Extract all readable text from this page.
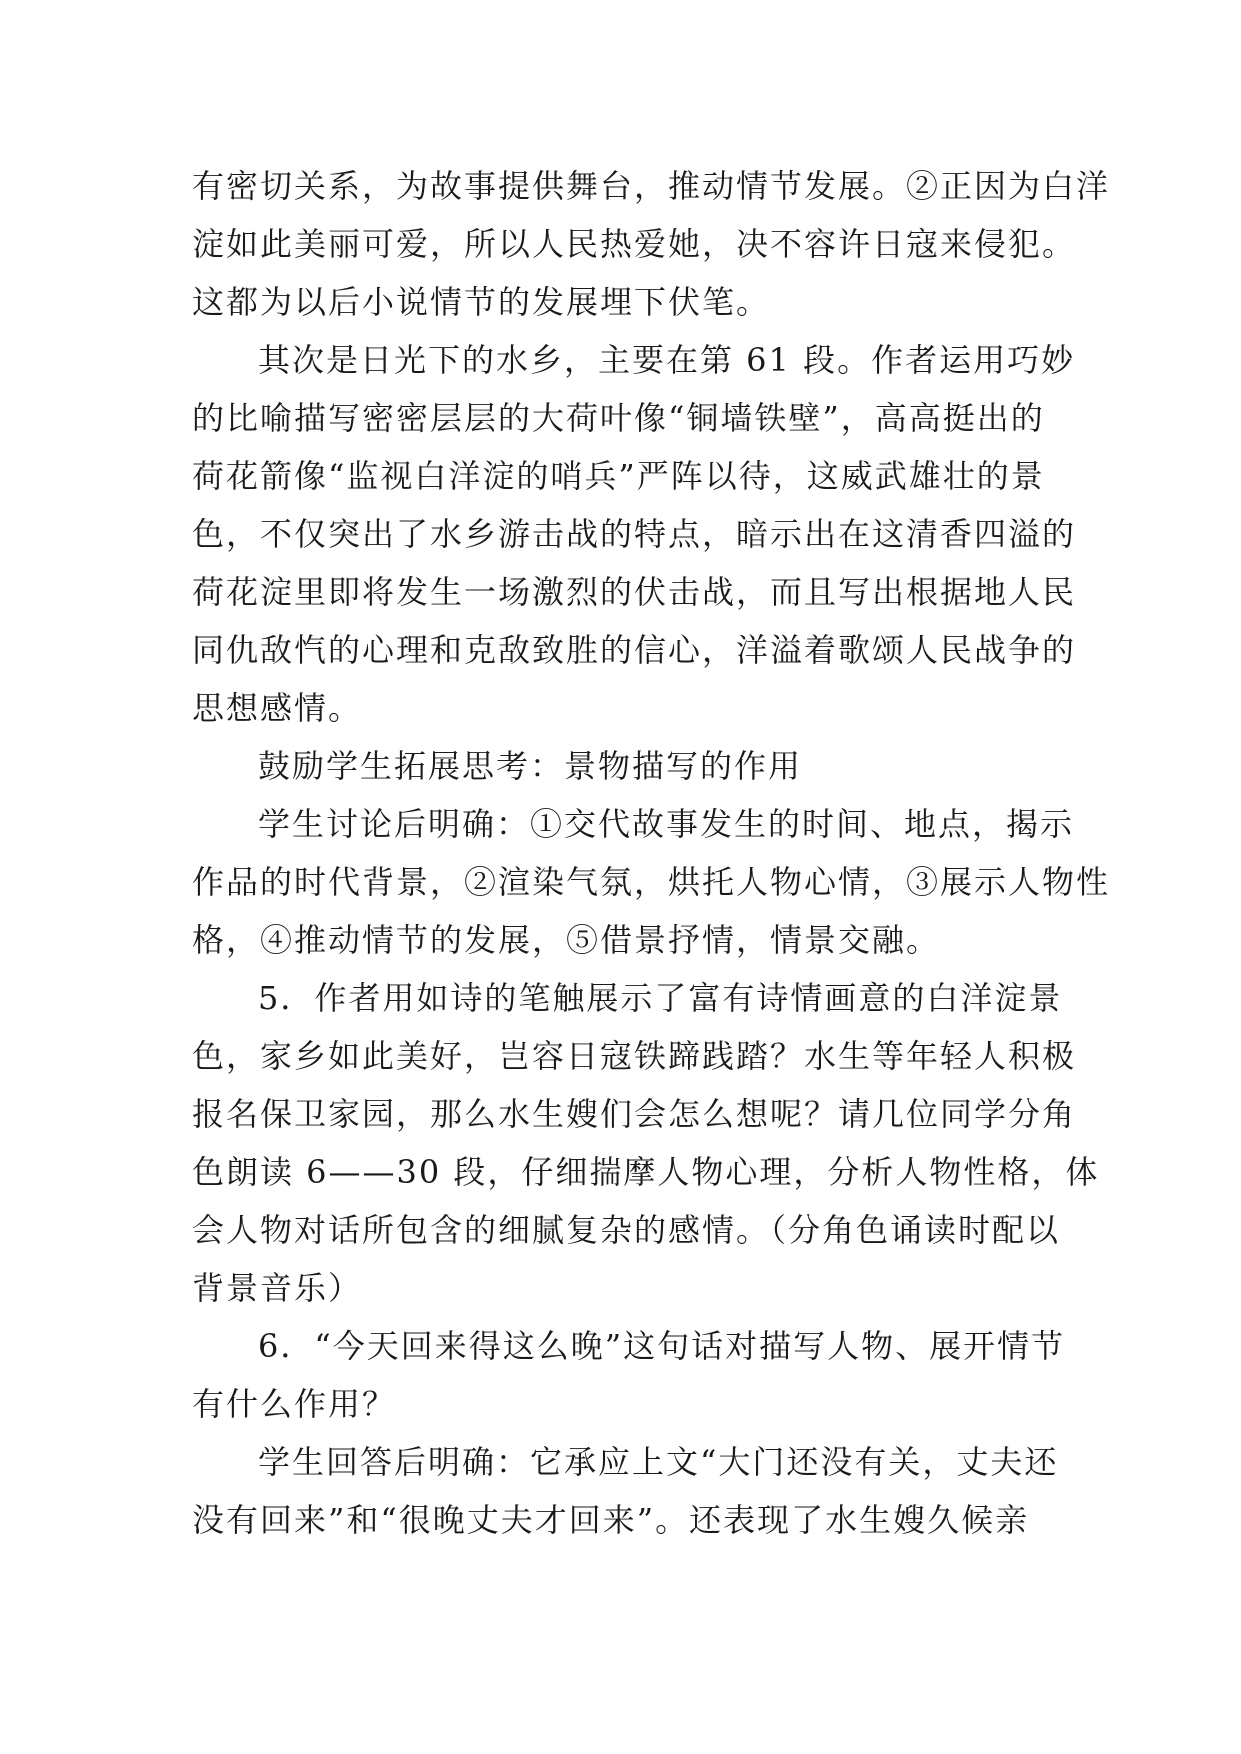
有密切关系，为故事提供舞台，推动情节发展。②正因为白洋
淀如此美丽可爱，所以人民热爱她，决不容许日寇来侵犯。
这都为以后小说情节的发展埋下伏笔。
其次是日光下的水乡，主要在第 61 段。作者运用巧妙
的比喻描写密密层层的大荷叶像“铜墙铁壁”，高高挺出的
荷花箭像“监视白洋淀的哨兵”严阵以待，这威武雄壮的景
色，不仅突出了水乡游击战的特点，暗示出在这清香四溢的
荷花淀里即将发生一场激烈的伏击战，而且写出根据地人民
同仇敌忾的心理和克敌致胜的信心，洋溢着歌颂人民战争的
思想感情。
鼓励学生拓展思考：景物描写的作用
学生讨论后明确：①交代故事发生的时间、地点，揭示
作品的时代背景，②渲染气氛，烘托人物心情，③展示人物性
格，④推动情节的发展，⑤借景抒情，情景交融。
5．作者用如诗的笔触展示了富有诗情画意的白洋淀景
色，家乡如此美好，岂容日寇铁蹄践踏？水生等年轻人积极
报名保卫家园，那么水生嫂们会怎么想呢？请几位同学分角
色朗读 6——30 段，仔细揣摩人物心理，分析人物性格，体
会人物对话所包含的细腻复杂的感情。（分角色诵读时配以
背景音乐）
6．“今天回来得这么晚”这句话对描写人物、展开情节
有什么作用？
学生回答后明确：它承应上文“大门还没有关，丈夫还
没有回来”和“很晚丈夫才回来”。还表现了水生嫂久候亲
